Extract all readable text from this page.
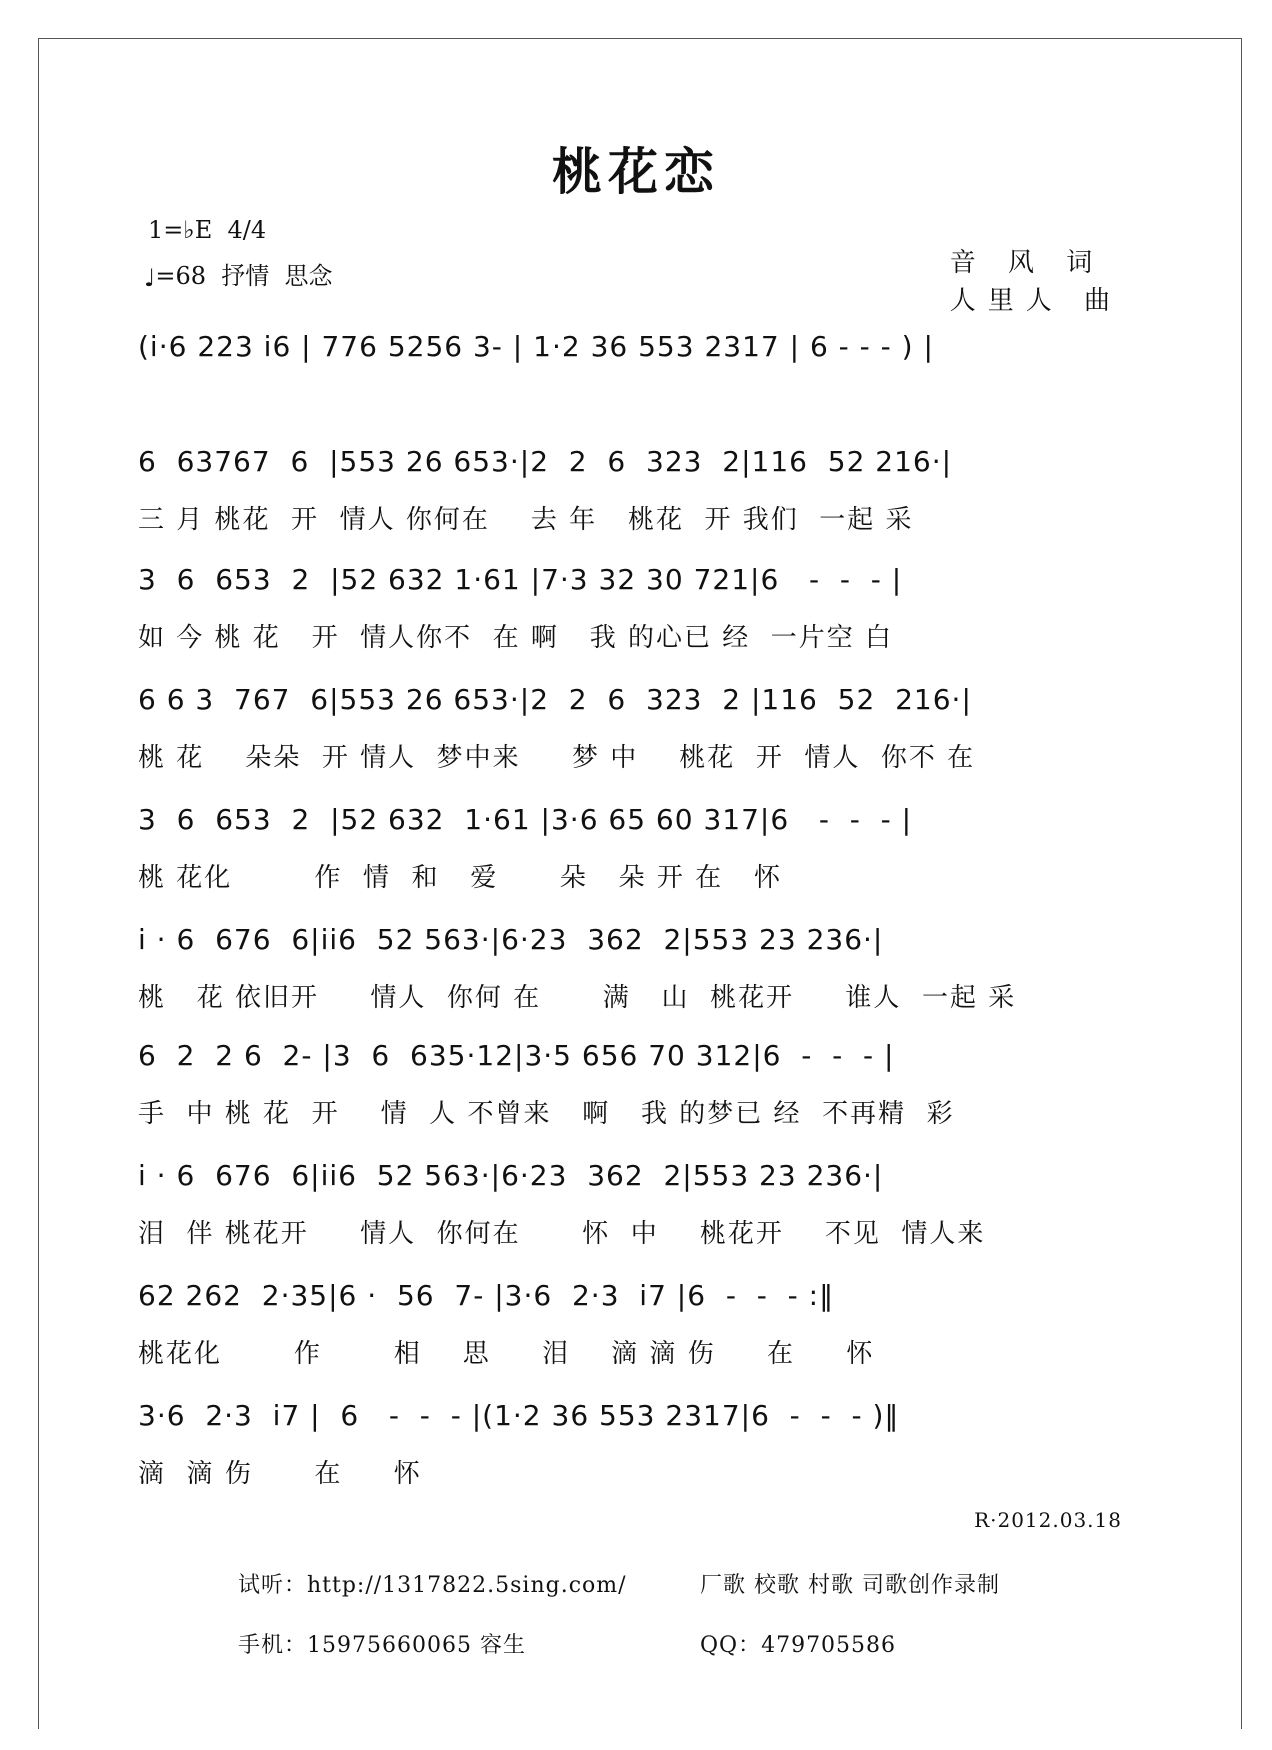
桃花恋
1=♭E  4/4
♩=68  抒情  思念	音 风 词
人里人 曲
(i·6 223 i6 | 776 5256 3- | 1·2 36 553 2317 | 6 - - - ) |
6  63767  6  |553 26 653·|2  2  6  323  2|116  52 216·|
三 月 桃花  开  情人 你何在    去 年   桃花  开 我们  一起 采
3  6  653  2  |52 632 1·61 |7·3 32 30 721|6   -  -  - |
如 今 桃 花   开  情人你不  在 啊   我 的心已 经  一片空 白
6 6 3  767  6|553 26 653·|2  2  6  323  2 |116  52  216·|
桃 花    朵朵  开 情人  梦中来     梦 中    桃花  开  情人  你不 在
3  6  653  2  |52 632  1·61 |3·6 65 60 317|6   -  -  - |
桃 花化        作  情  和   爱      朵   朵 开 在   怀
i · 6  676  6|ii6  52 563·|6·23  362  2|553 23 236·|
桃   花 依旧开     情人  你何 在      满   山  桃花开     谁人  一起 采
6  2  2 6  2- |3  6  635·12|3·5 656 70 312|6  -  -  - |
手  中 桃 花  开    情  人 不曾来   啊   我 的梦已 经  不再精  彩
i · 6  676  6|ii6  52 563·|6·23  362  2|553 23 236·|
泪  伴 桃花开     情人  你何在      怀  中    桃花开    不见  情人来
62 262  2·35|6 ·  56  7- |3·6  2·3  i7 |6  -  -  - :‖
桃花化       作       相    思     泪    滴 滴 伤     在     怀
3·6  2·3  i7 |  6   -  -  - |(1·2 36 553 2317|6  -  -  - )‖
滴  滴 伤      在     怀
R·2012.03.18
试听：http://1317822.5sing.com/	厂歌 校歌 村歌 司歌创作录制
手机：15975660065 容生	QQ：479705586
